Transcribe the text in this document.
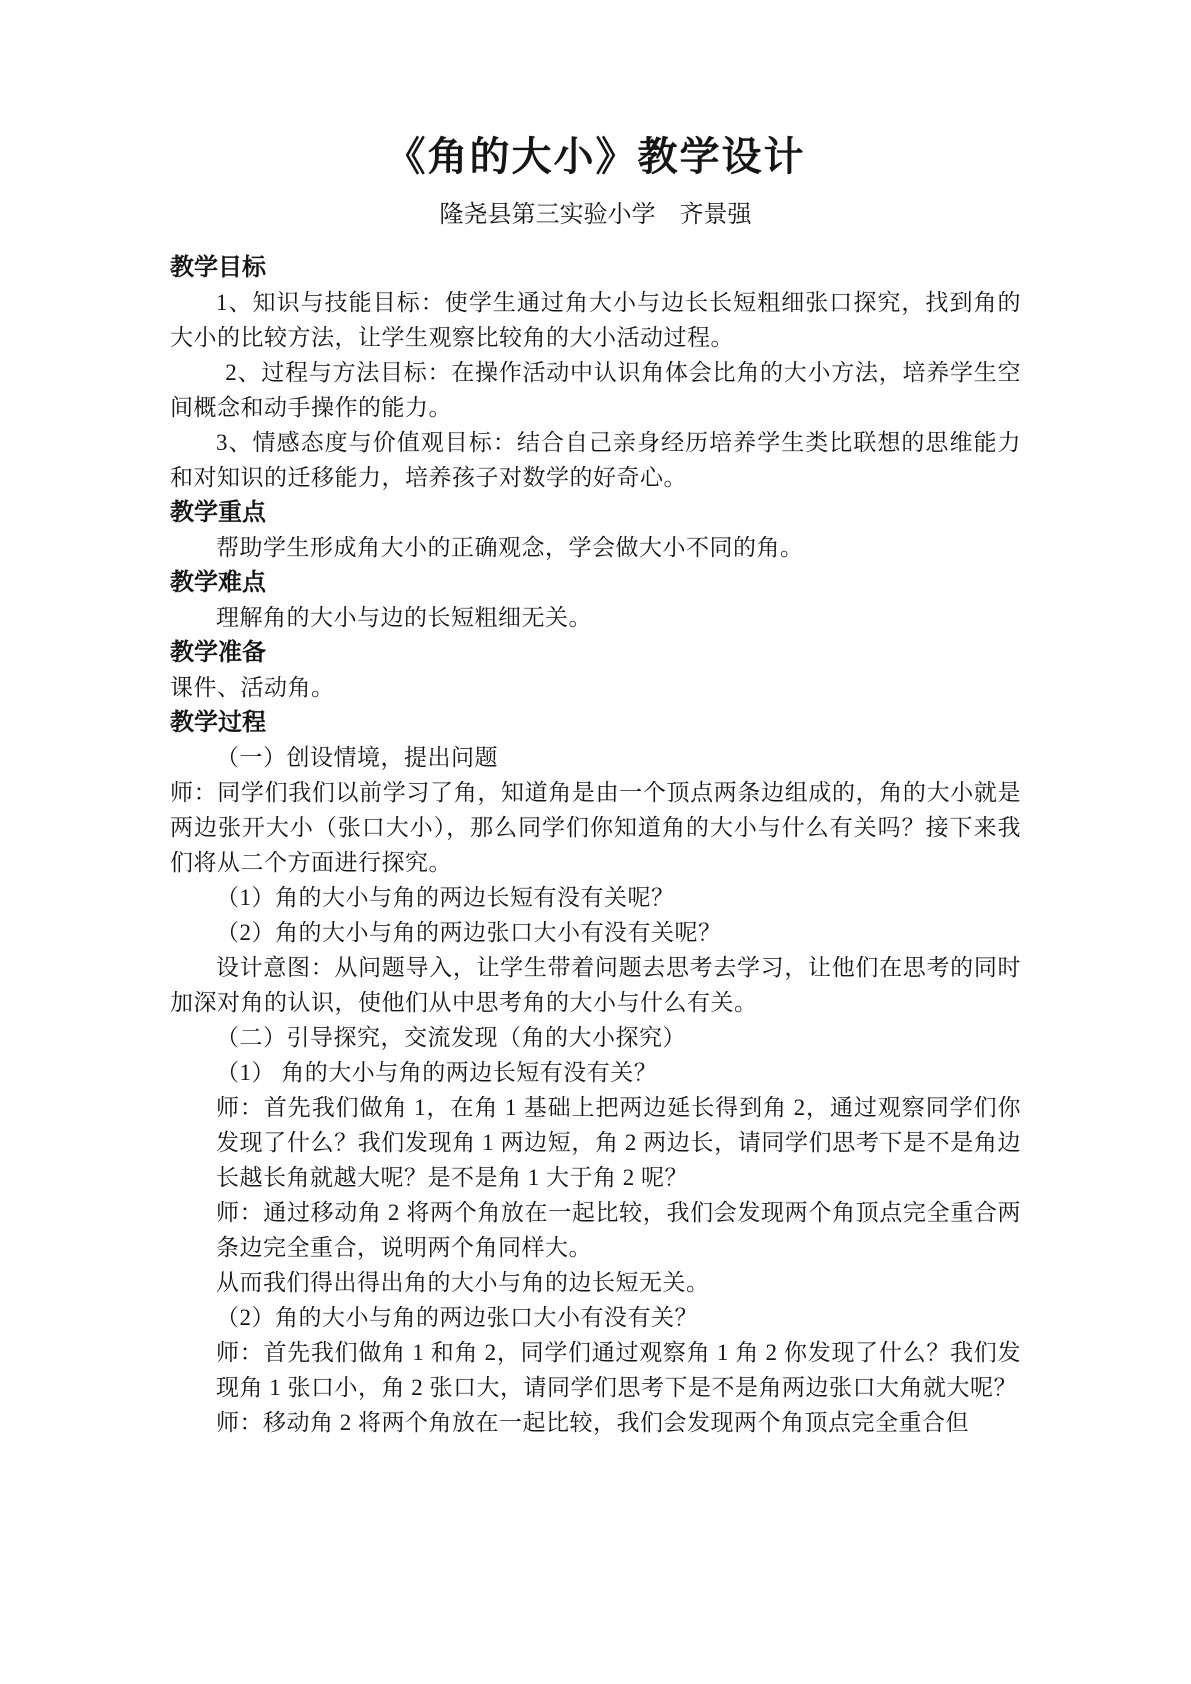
《角的大小》教学设计
隆尧县第三实验小学　齐景强
教学目标
1、知识与技能目标：使学生通过角大小与边长长短粗细张口探究，找到角的大小的比较方法，让学生观察比较角的大小活动过程。
2、过程与方法目标：在操作活动中认识角体会比角的大小方法，培养学生空间概念和动手操作的能力。
3、情感态度与价值观目标：结合自己亲身经历培养学生类比联想的思维能力和对知识的迁移能力，培养孩子对数学的好奇心。
教学重点
帮助学生形成角大小的正确观念，学会做大小不同的角。
教学难点
理解角的大小与边的长短粗细无关。
教学准备
课件、活动角。
教学过程
（一）创设情境，提出问题
师：同学们我们以前学习了角，知道角是由一个顶点两条边组成的，角的大小就是两边张开大小（张口大小），那么同学们你知道角的大小与什么有关吗？接下来我们将从二个方面进行探究。
（1）角的大小与角的两边长短有没有关呢？
（2）角的大小与角的两边张口大小有没有关呢？
设计意图：从问题导入，让学生带着问题去思考去学习，让他们在思考的同时加深对角的认识，使他们从中思考角的大小与什么有关。
（二）引导探究，交流发现（角的大小探究）
（1） 角的大小与角的两边长短有没有关？
师：首先我们做角 1，在角 1 基础上把两边延长得到角 2，通过观察同学们你发现了什么？我们发现角 1 两边短，角 2 两边长，请同学们思考下是不是角边长越长角就越大呢？是不是角 1 大于角 2 呢？
师：通过移动角 2 将两个角放在一起比较，我们会发现两个角顶点完全重合两条边完全重合，说明两个角同样大。
从而我们得出得出角的大小与角的边长短无关。
（2）角的大小与角的两边张口大小有没有关？
师：首先我们做角 1 和角 2，同学们通过观察角 1 角 2 你发现了什么？我们发现角 1 张口小，角 2 张口大，请同学们思考下是不是角两边张口大角就大呢？
师：移动角 2 将两个角放在一起比较，我们会发现两个角顶点完全重合但
